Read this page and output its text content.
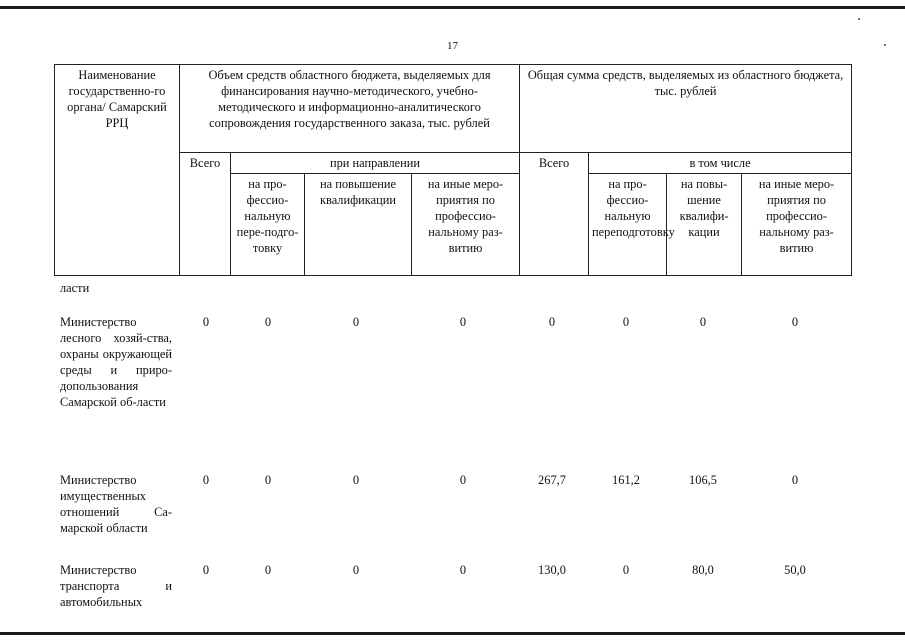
17
Наименование государственно-го органа/ Самарский РРЦ	Объем средств областного бюджета, выделяемых для финансирования научно-методического, учебно-методического и информационно-аналитического сопровождения государственного заказа, тыс. рублей				Общая сумма средств, выделяемых из областного бюджета, тыс. рублей			
	Всего	при направлении			Всего	в том числе		
		на про-фессио-нальную пере-подго-товку	на повышение квалификации	на иные меро-приятия по профессио-нальному раз-витию		на про-фессио-нальную переподготовку	на повы-шение квалифи-кации	на иные меро-приятия по профессио-нальному раз-витию
ласти
Министерство лесного хозяй-ства, охраны окружающей среды и приро-допользования Самарской об-ласти
0	0	0	0	0	0	0	0
Министерство имущественных отношений Са-марской области
0	0	0	0	267,7	161,2	106,5	0
Министерство транспорта и автомобильных
0	0	0	0	130,0	0	80,0	50,0
